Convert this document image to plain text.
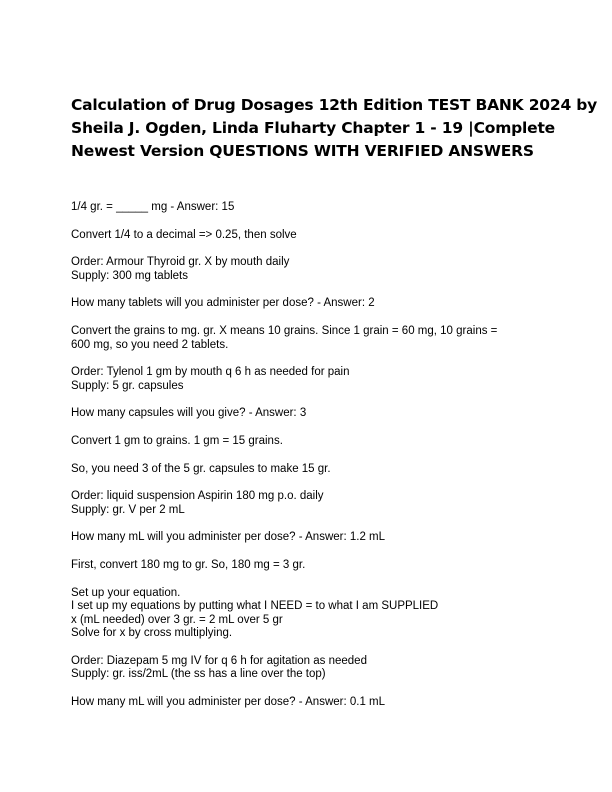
Calculation of Drug Dosages 12th Edition TEST BANK 2024 by
Sheila J. Ogden, Linda Fluharty Chapter 1 - 19 |Complete
Newest Version QUESTIONS WITH VERIFIED ANSWERS

1/4 gr. = _____ mg - Answer: 15

Convert 1/4 to a decimal => 0.25, then solve

Order: Armour Thyroid gr. X by mouth daily
Supply: 300 mg tablets

How many tablets will you administer per dose? - Answer: 2

Convert the grains to mg. gr. X means 10 grains. Since 1 grain = 60 mg, 10 grains =
600 mg, so you need 2 tablets.

Order: Tylenol 1 gm by mouth q 6 h as needed for pain
Supply: 5 gr. capsules

How many capsules will you give? - Answer: 3

Convert 1 gm to grains. 1 gm = 15 grains.

So, you need 3 of the 5 gr. capsules to make 15 gr.

Order: liquid suspension Aspirin 180 mg p.o. daily
Supply: gr. V per 2 mL

How many mL will you administer per dose? - Answer: 1.2 mL

First, convert 180 mg to gr. So, 180 mg = 3 gr.

Set up your equation.
I set up my equations by putting what I NEED = to what I am SUPPLIED
x (mL needed) over 3 gr. = 2 mL over 5 gr
Solve for x by cross multiplying.

Order: Diazepam 5 mg IV for q 6 h for agitation as needed
Supply: gr. iss/2mL (the ss has a line over the top)

How many mL will you administer per dose? - Answer: 0.1 mL
